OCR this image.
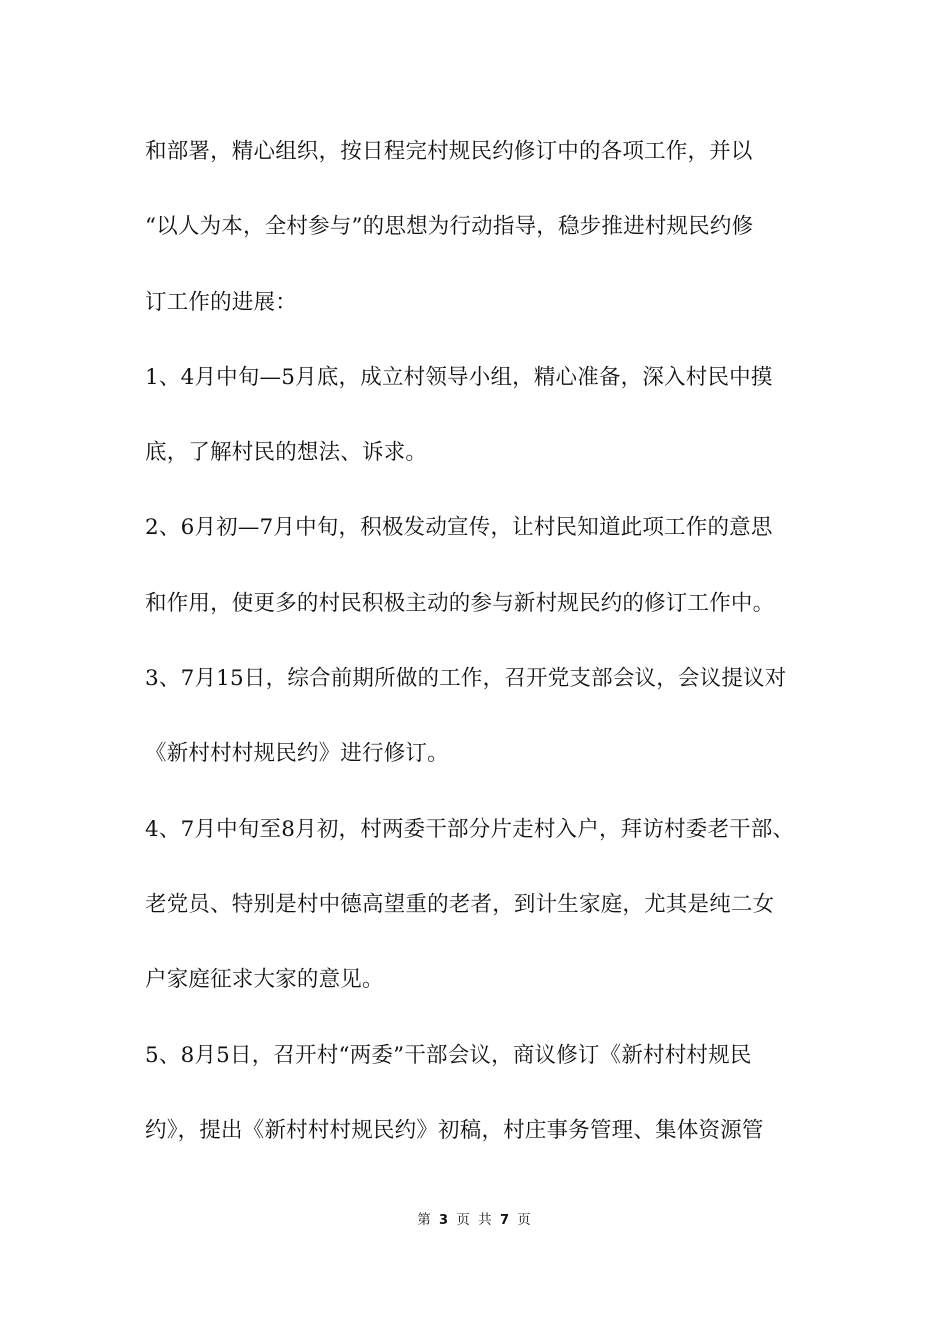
和部署，精心组织，按日程完村规民约修订中的各项工作，并以
“以人为本，全村参与”的思想为行动指导，稳步推进村规民约修
订工作的进展：
1、4月中旬—5月底，成立村领导小组，精心准备，深入村民中摸
底，了解村民的想法、诉求。
2、6月初—7月中旬，积极发动宣传，让村民知道此项工作的意思
和作用，使更多的村民积极主动的参与新村规民约的修订工作中。
3、7月15日，综合前期所做的工作，召开党支部会议，会议提议对
《新村村村规民约》进行修订。
4、7月中旬至8月初，村两委干部分片走村入户，拜访村委老干部、
老党员、特别是村中德高望重的老者，到计生家庭，尤其是纯二女
户家庭征求大家的意见。
5、8月5日，召开村“两委”干部会议，商议修订《新村村村规民
约》，提出《新村村村规民约》初稿，村庄事务管理、集体资源管
第 3 页 共 7 页
